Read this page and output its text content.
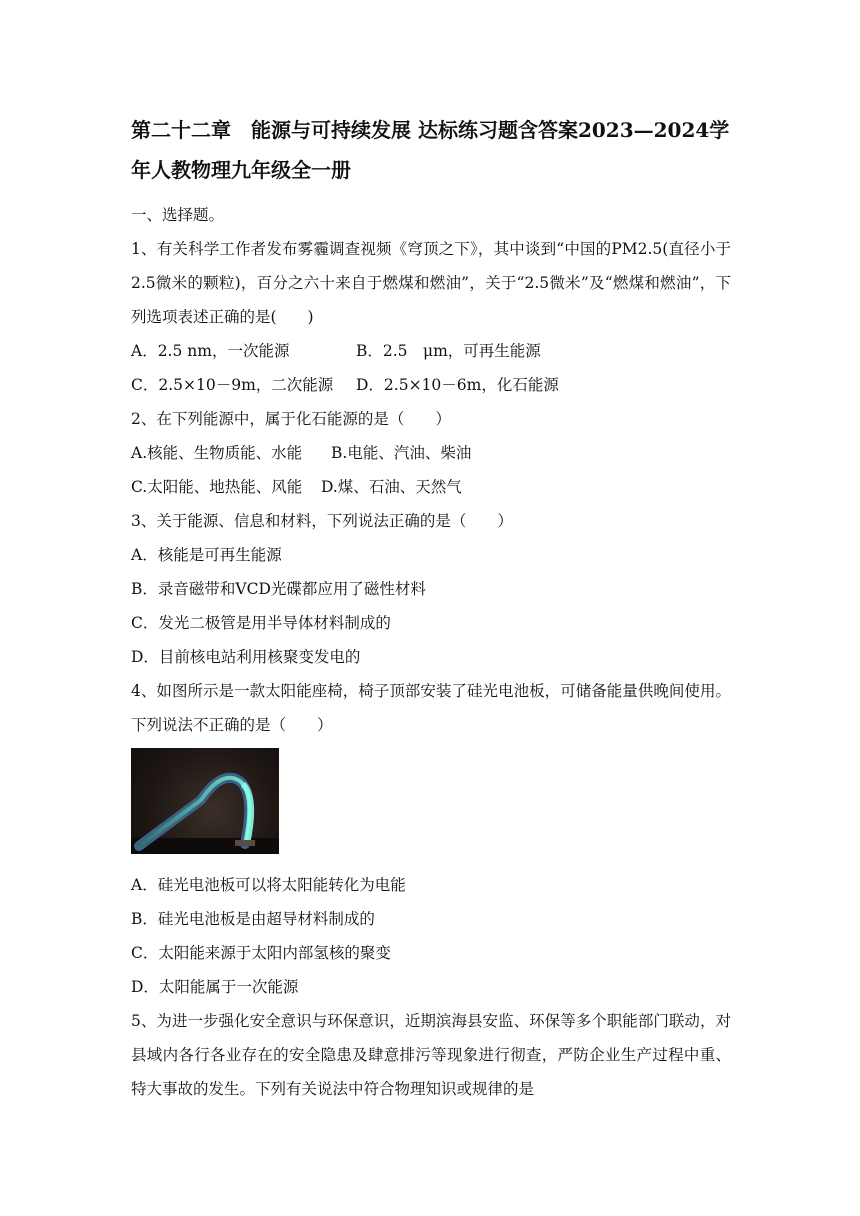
第二十二章　能源与可持续发展 达标练习题含答案2023—2024学年人教物理九年级全一册
一、选择题。
1、有关科学工作者发布雾霾调查视频《穹顶之下》，其中谈到“中国的PM2.5(直径小于2.5微米的颗粒)，百分之六十来自于燃煤和燃油”，关于“2.5微米”及“燃煤和燃油”，下列选项表述正确的是(　　)
A．2.5 nm，一次能源	B．2.5　μm，可再生能源
C．2.5×10－9m，二次能源	D．2.5×10－6m，化石能源
2、在下列能源中，属于化石能源的是（　　）
A.核能、生物质能、水能	B.电能、汽油、柴油
C.太阳能、地热能、风能	D.煤、石油、天然气
3、关于能源、信息和材料，下列说法正确的是（　　）
A．核能是可再生能源
B．录音磁带和VCD光碟都应用了磁性材料
C．发光二极管是用半导体材料制成的
D．目前核电站利用核聚变发电的
4、如图所示是一款太阳能座椅，椅子顶部安装了硅光电池板，可储备能量供晚间使用。下列说法不正确的是（　　）
A．硅光电池板可以将太阳能转化为电能
B．硅光电池板是由超导材料制成的
C．太阳能来源于太阳内部氢核的聚变
D．太阳能属于一次能源
5、为进一步强化安全意识与环保意识，近期滨海县安监、环保等多个职能部门联动，对县域内各行各业存在的安全隐患及肆意排污等现象进行彻查，严防企业生产过程中重、特大事故的发生。下列有关说法中符合物理知识或规律的是
